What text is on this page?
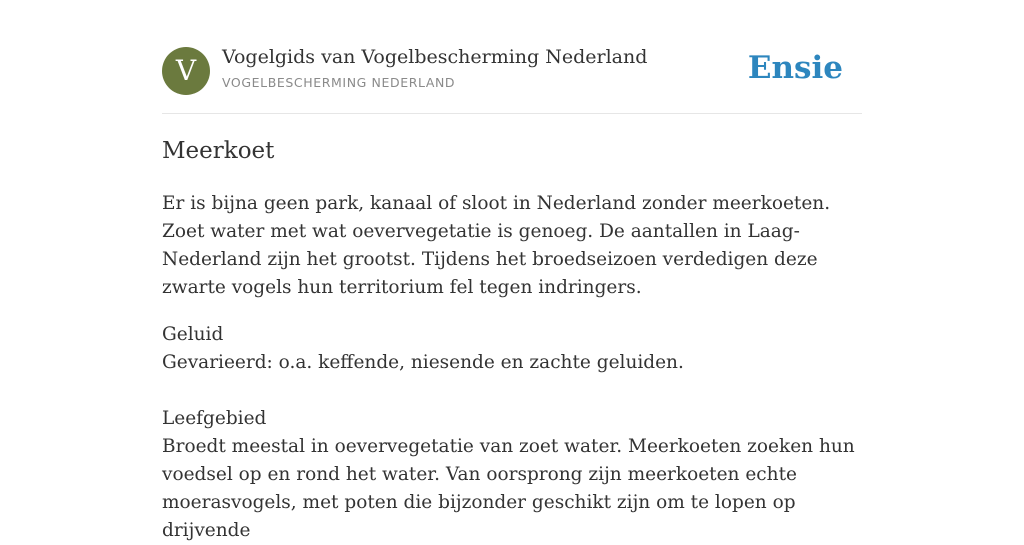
V	Vogelgids van Vogelbescherming Nederland
VOGELBESCHERMING NEDERLAND	Ensie
Meerkoet

Er is bijna geen park, kanaal of sloot in Nederland zonder meerkoeten. Zoet water met wat oevervegetatie is genoeg. De aantallen in Laag-Nederland zijn het grootst. Tijdens het broedseizoen verdedigen deze zwarte vogels hun territorium fel tegen indringers.

Geluid
Gevarieerd: o.a. keffende, niesende en zachte geluiden.
Leefgebied
Broedt meestal in oevervegetatie van zoet water. Meerkoeten zoeken hun voedsel op en rond het water. Van oorsprong zijn meerkoeten echte moerasvogels, met poten die bijzonder geschikt zijn om te lopen op drijvende
